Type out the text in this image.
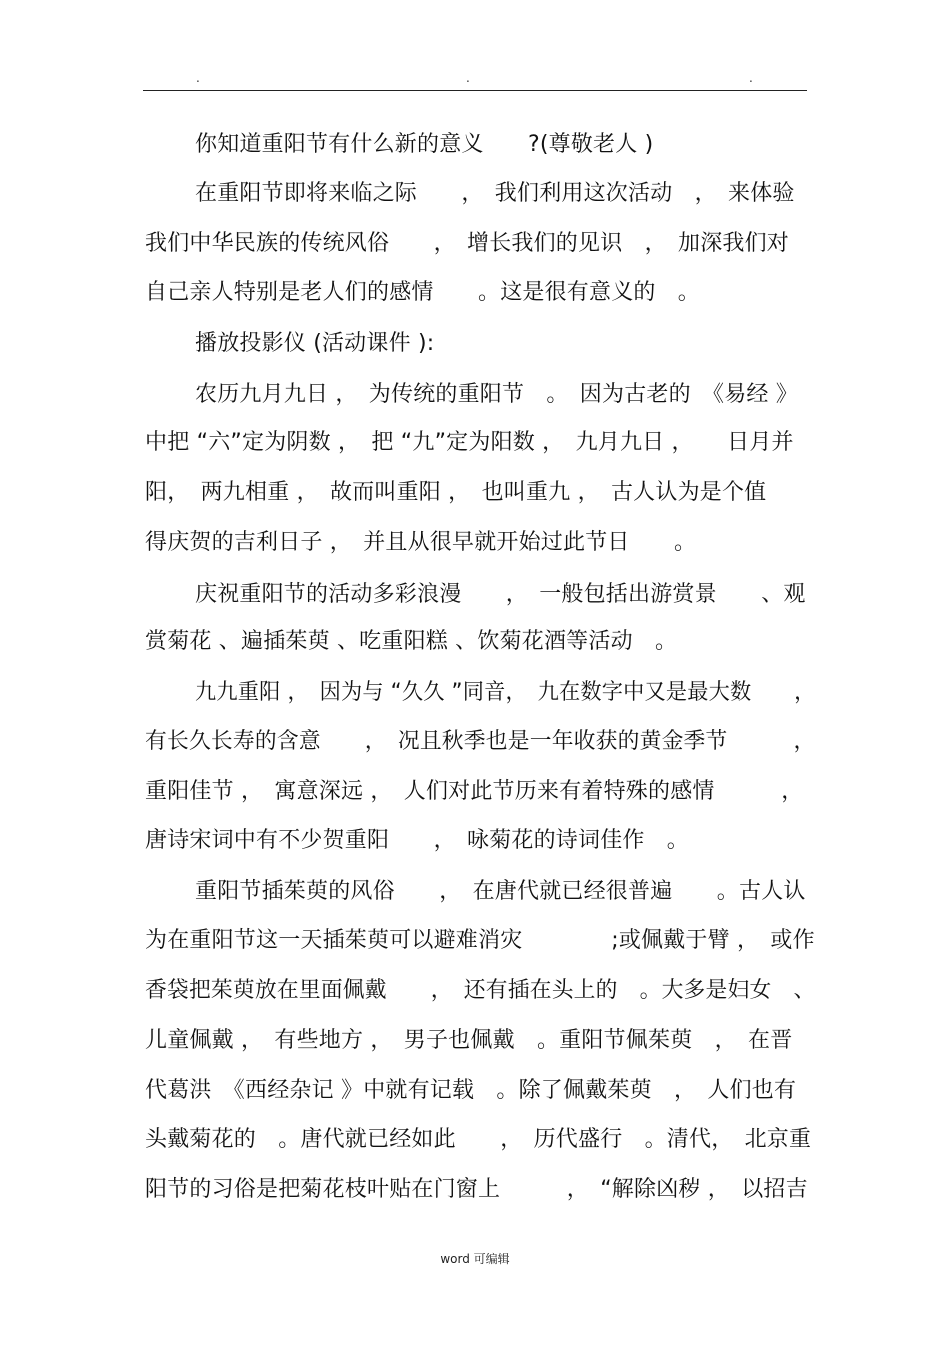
.	.	.
你知道重阳节有什么新的意义　　?(尊敬老人 )
在重阳节即将来临之际　　，　我们利用这次活动　，　来体验
我们中华民族的传统风俗　　，　增长我们的见识　，　加深我们对
自己亲人特别是老人们的感情　　。这是很有意义的　。
播放投影仪 (活动课件 ):
农历九月九日 ，　为传统的重阳节　。　因为古老的　《易经 》
中把 “六”定为阴数 ，　把 “九”定为阳数 ，　九月九日 ，　　日月并
阳，　两九相重 ，　故而叫重阳 ，　也叫重九 ，　古人认为是个值
得庆贺的吉利日子 ，　并且从很早就开始过此节日　　。
庆祝重阳节的活动多彩浪漫　　，　一般包括出游赏景　　、观
赏菊花 、遍插茱萸 、吃重阳糕 、饮菊花酒等活动　。
九九重阳 ，　因为与 “久久 ”同音，　九在数字中又是最大数　　，
有长久长寿的含意　　，　况且秋季也是一年收获的黄金季节　　　，
重阳佳节 ，　寓意深远 ，　人们对此节历来有着特殊的感情　　　，
唐诗宋词中有不少贺重阳　　，　咏菊花的诗词佳作　。
重阳节插茱萸的风俗　　，　在唐代就已经很普遍　　。古人认
为在重阳节这一天插茱萸可以避难消灾　　　　;或佩戴于臂 ，　或作
香袋把茱萸放在里面佩戴　　，　还有插在头上的　。大多是妇女　、
儿童佩戴 ，　有些地方 ，　男子也佩戴　。重阳节佩茱萸　，　在晋
代葛洪　《西经杂记 》中就有记载　。除了佩戴茱萸　，　人们也有
头戴菊花的　。唐代就已经如此　　，　历代盛行　。清代，　北京重
阳节的习俗是把菊花枝叶贴在门窗上　　　，　“解除凶秽 ，　以招吉
word 可编辑
